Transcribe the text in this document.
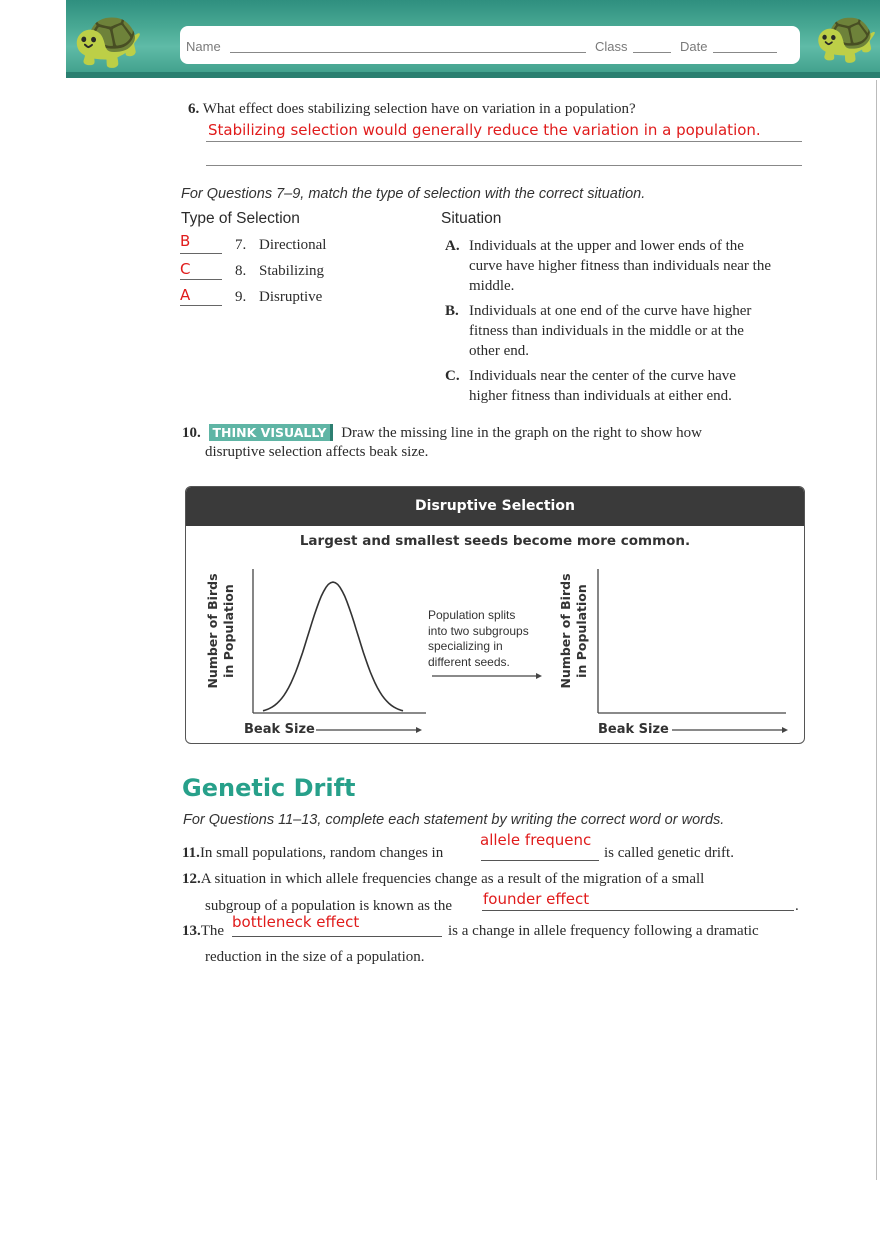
🐢	🐢
Name	Class	Date
6. What effect does stabilizing selection have on variation in a population?
Stabilizing selection would generally reduce the variation in a population.
For Questions 7–9, match the type of selection with the correct situation.
Type of Selection	Situation
B	7. Directional
C	8. Stabilizing
A	9. Disruptive
A. Individuals at the upper and lower ends of the
curve have higher fitness than individuals near the
middle.
B. Individuals at one end of the curve have higher
fitness than individuals in the middle or at the
other end.
C. Individuals near the center of the curve have
higher fitness than individuals at either end.
10. THINK VISUALLY Draw the missing line in the graph on the right to show how
disruptive selection affects beak size.
Disruptive Selection
Largest and smallest seeds become more common.
Number of Birds in Population	Number of Birds in Population
Population splits
into two subgroups
specializing in
different seeds.
Beak Size	Beak Size
Genetic Drift
For Questions 11–13, complete each statement by writing the correct word or words.
11.In small populations, random changes in
allele frequenc
is called genetic drift.
12.A situation in which allele frequencies change as a result of the migration of a small
subgroup of a population is known as the founder effect	.
13.The bottleneck effect	is a change in allele frequency following a dramatic
reduction in the size of a population.
